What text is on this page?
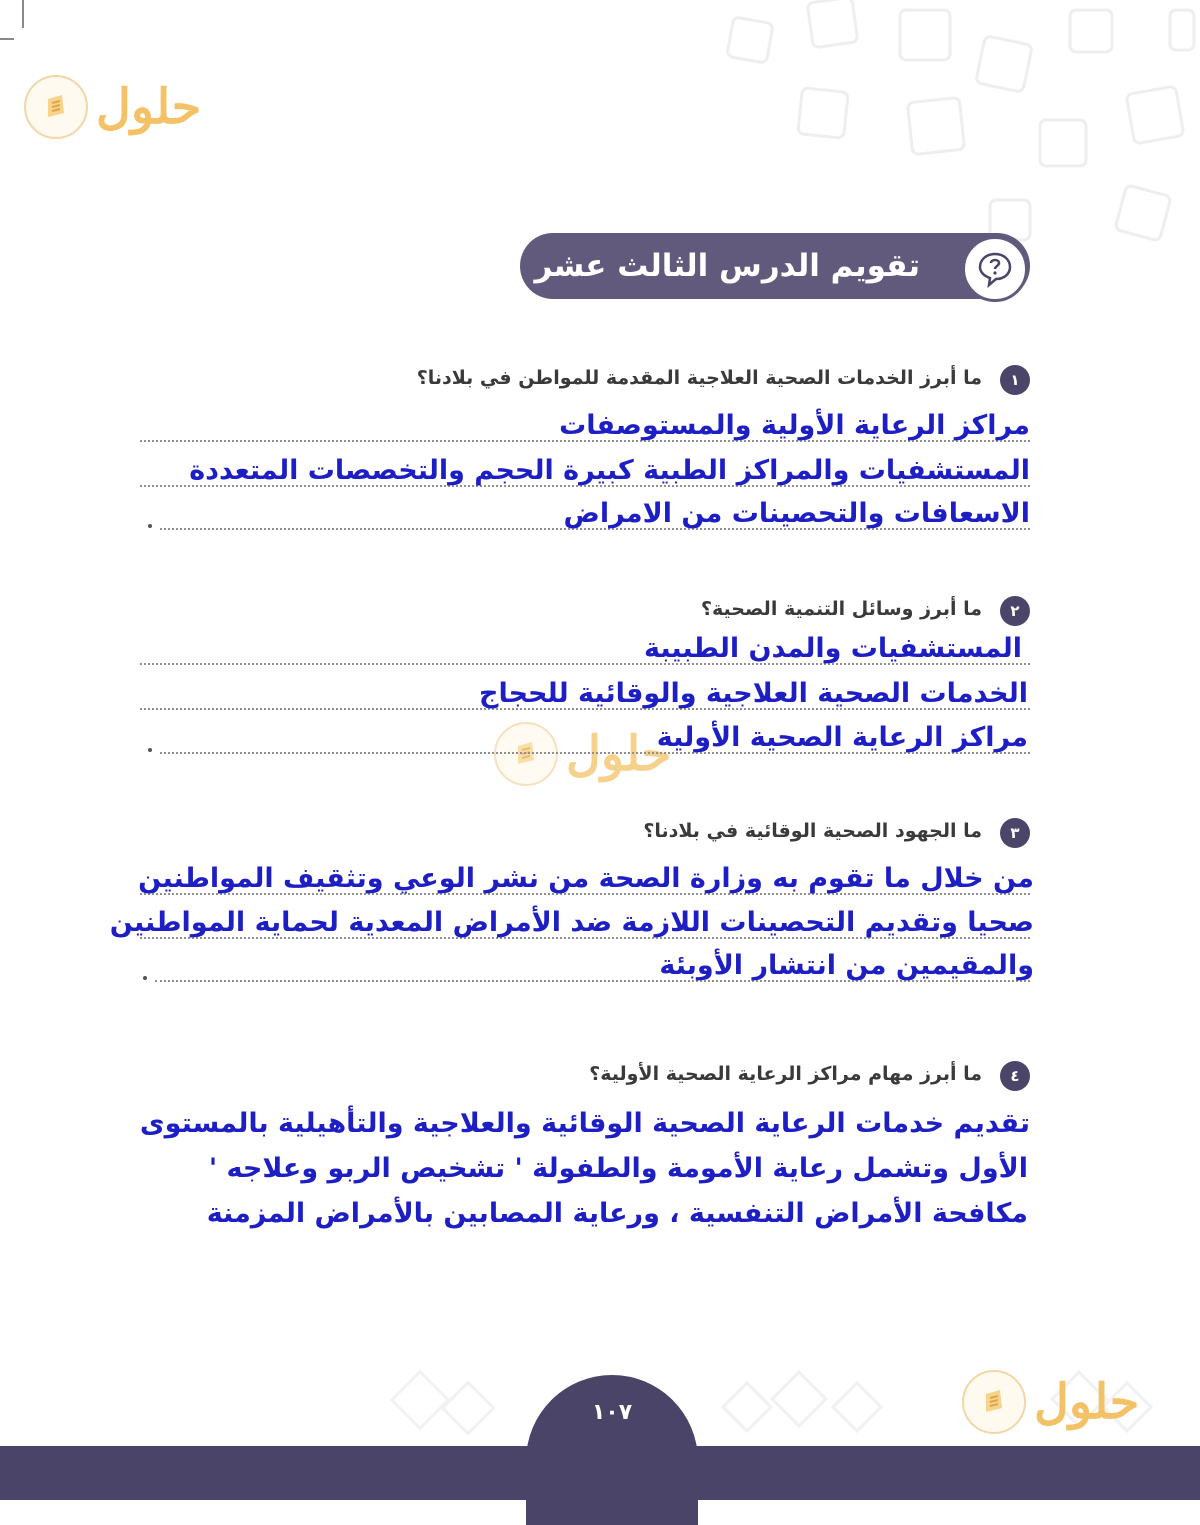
حلول
حلول
تقويم الدرس الثالث عشر
١
ما أبرز الخدمات الصحية العلاجية المقدمة للمواطن في بلادنا؟
مراكز الرعاية الأولية والمستوصفات
المستشفيات والمراكز الطبية كبيرة الحجم والتخصصات المتعددة
الاسعافات والتحصينات من الامراض
٢
ما أبرز وسائل التنمية الصحية؟
المستشفيات والمدن الطبيبة
الخدمات الصحية العلاجية والوقائية للحجاج
مراكز الرعاية الصحية الأولية
٣
ما الجهود الصحية الوقائية في بلادنا؟
من خلال ما تقوم به وزارة الصحة من نشر الوعي وتثقيف المواطنين
صحيا وتقديم التحصينات اللازمة ضد الأمراض المعدية لحماية المواطنين
والمقيمين من انتشار الأوبئة
٤
ما أبرز مهام مراكز الرعاية الصحية الأولية؟
تقديم خدمات الرعاية الصحية الوقائية والعلاجية والتأهيلية بالمستوى
الأول وتشمل رعاية الأمومة والطفولة ' تشخيص الربو وعلاجه '
مكافحة الأمراض التنفسية ، ورعاية المصابين بالأمراض المزمنة
حلول
١٠٧
